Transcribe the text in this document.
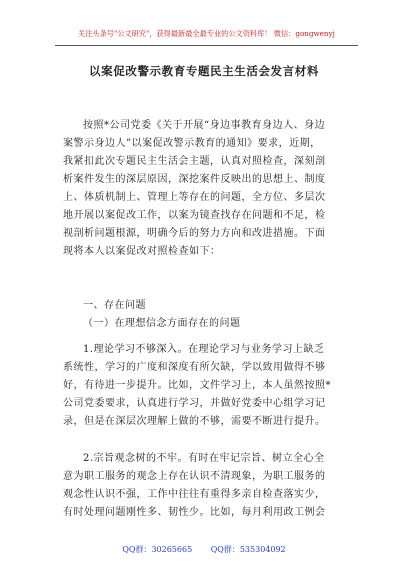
关注头条号"公文研究"，获得最新最全最专业的公文资料库！ 微信：gongwenyj
以案促改警示教育专题民主生活会发言材料
按照*公司党委《关于开展“身边事教育身边人、身边
案警示身边人”以案促改警示教育的通知》要求，近期，
我紧扣此次专题民主生活会主题，认真对照检查，深刻剖
析案件发生的深层原因，深挖案件反映出的思想上、制度
上、体质机制上、管理上等存在的问题，全方位、多层次
地开展以案促改工作，以案为镜查找存在问题和不足，检
视剖析问题根源，明确今后的努力方向和改进措施。下面
现将本人以案促改对照检查如下：
一、存在问题
（一）在理想信念方面存在的问题
1.理论学习不够深入。在理论学习与业务学习上缺乏
系统性，学习的广度和深度有所欠缺，学以致用做得不够
好，有待进一步提升。比如，文件学习上，本人虽然按照*
公司党委要求，认真进行学习，并做好党委中心组学习记
录，但是在深层次理解上做的不够，需要不断进行提升。
2.宗旨观念树的不牢。有时在牢记宗旨、树立全心全
意为职工服务的观念上存在认识不清现象，为职工服务的
观念性认识不强，工作中往往有重得多亲自检查落实少，
有时处理问题刚性多、韧性少。比如，每月利用政工例会
QQ群：30265665 QQ群：535304092
